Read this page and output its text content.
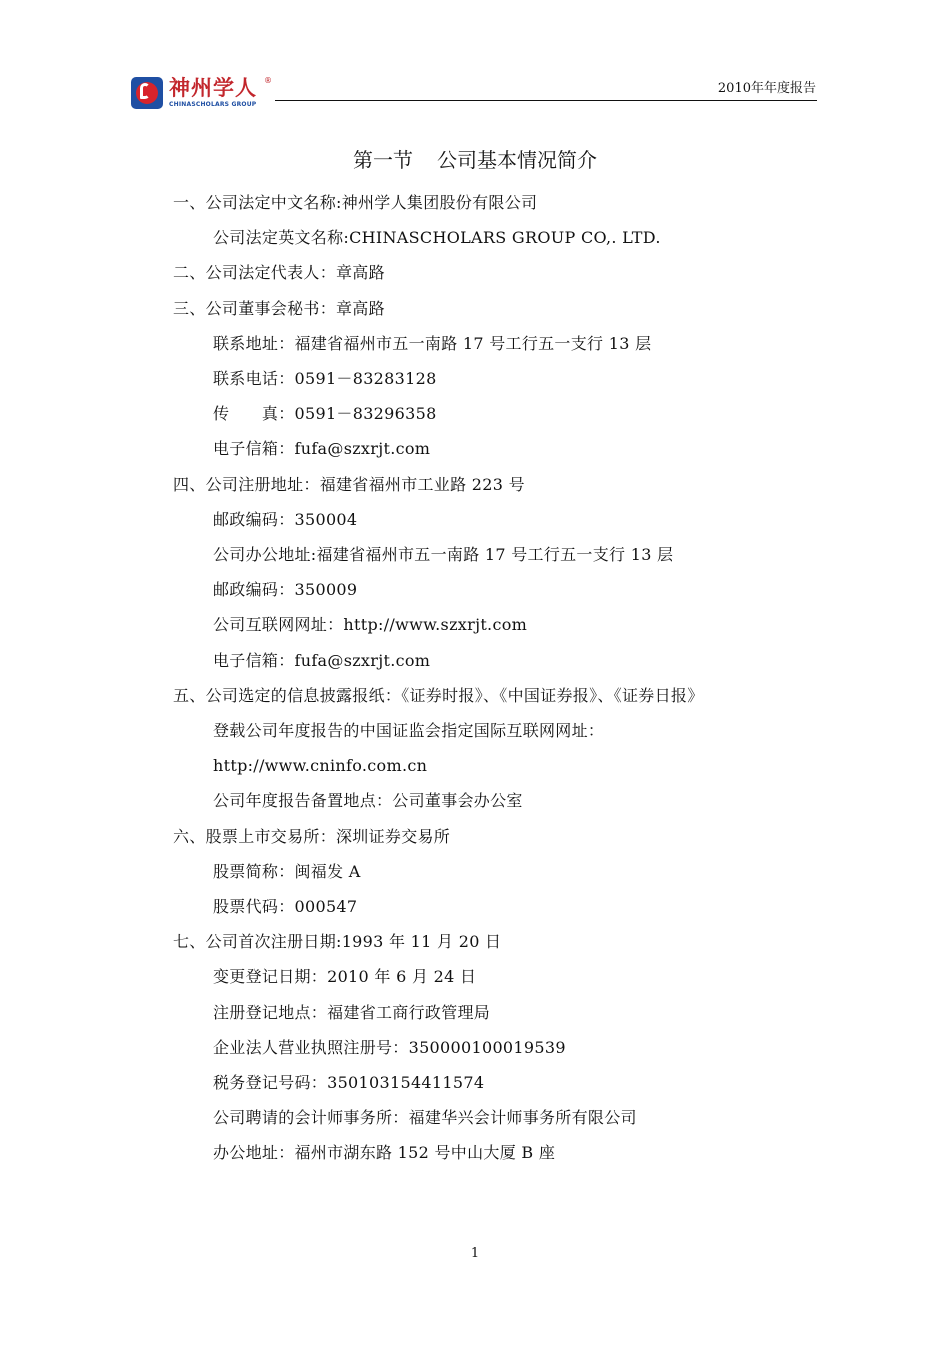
神州学人 ®
CHINASCHOLARS GROUP
2010年年度报告
第一节 公司基本情况简介
一、公司法定中文名称:神州学人集团股份有限公司
公司法定英文名称:CHINASCHOLARS GROUP CO,. LTD.
二、公司法定代表人：章高路
三、公司董事会秘书：章高路
联系地址：福建省福州市五一南路 17 号工行五一支行 13 层
联系电话：0591－83283128
传　　真：0591－83296358
电子信箱：fufa@szxrjt.com
四、公司注册地址：福建省福州市工业路 223 号
邮政编码：350004
公司办公地址:福建省福州市五一南路 17 号工行五一支行 13 层
邮政编码：350009
公司互联网网址：http://www.szxrjt.com
电子信箱：fufa@szxrjt.com
五、公司选定的信息披露报纸：《证券时报》、《中国证券报》、《证券日报》
登载公司年度报告的中国证监会指定国际互联网网址：
http://www.cninfo.com.cn
公司年度报告备置地点：公司董事会办公室
六、股票上市交易所：深圳证券交易所
股票简称：闽福发 A
股票代码：000547
七、公司首次注册日期:1993 年 11 月 20 日
变更登记日期：2010 年 6 月 24 日
注册登记地点：福建省工商行政管理局
企业法人营业执照注册号：350000100019539
税务登记号码：350103154411574
公司聘请的会计师事务所：福建华兴会计师事务所有限公司
办公地址：福州市湖东路 152 号中山大厦 B 座
1
